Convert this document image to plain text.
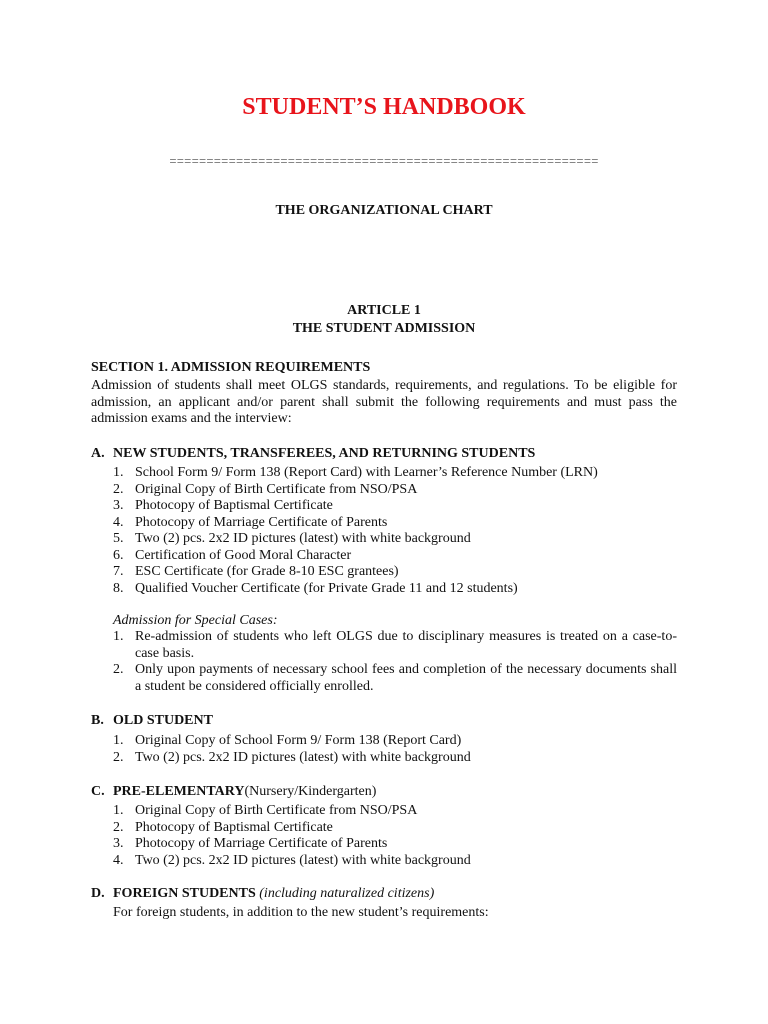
STUDENT’S HANDBOOK
==========================================================
THE ORGANIZATIONAL CHART
ARTICLE 1
THE STUDENT ADMISSION
SECTION 1. ADMISSION REQUIREMENTS
Admission of students shall meet OLGS standards, requirements, and regulations. To be eligible for admission, an applicant and/or parent shall submit the following requirements and must pass the admission exams and the interview:
A. NEW STUDENTS, TRANSFEREES, AND RETURNING STUDENTS
1. School Form 9/ Form 138 (Report Card) with Learner’s Reference Number (LRN)
2. Original Copy of Birth Certificate from NSO/PSA
3. Photocopy of Baptismal Certificate
4. Photocopy of Marriage Certificate of Parents
5. Two (2) pcs. 2x2 ID pictures (latest) with white background
6. Certification of Good Moral Character
7. ESC Certificate (for Grade 8-10 ESC grantees)
8. Qualified Voucher Certificate (for Private Grade 11 and 12 students)
Admission for Special Cases:
1. Re-admission of students who left OLGS due to disciplinary measures is treated on a case-to-case basis.
2. Only upon payments of necessary school fees and completion of the necessary documents shall a student be considered officially enrolled.
B. OLD STUDENT
1. Original Copy of School Form 9/ Form 138 (Report Card)
2. Two (2) pcs. 2x2 ID pictures (latest) with white background
C. PRE-ELEMENTARY(Nursery/Kindergarten)
1. Original Copy of Birth Certificate from NSO/PSA
2. Photocopy of Baptismal Certificate
3. Photocopy of Marriage Certificate of Parents
4. Two (2) pcs. 2x2 ID pictures (latest) with white background
D. FOREIGN STUDENTS (including naturalized citizens)
For foreign students, in addition to the new student’s requirements:
